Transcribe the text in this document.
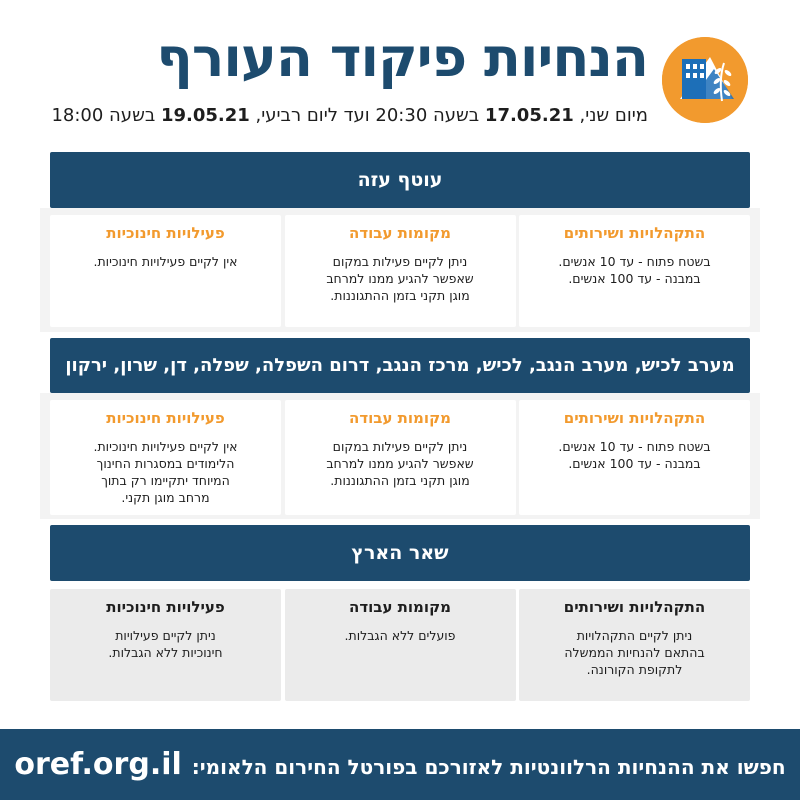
הנחיות פיקוד העורף
מיום שני, 17.05.21 בשעה 20:30 ועד ליום רביעי, 19.05.21 בשעה 18:00
עוטף עזה
התקהלויות ושירותים
בשטח פתוח - עד 10 אנשים.
במבנה - עד 100 אנשים.
מקומות עבודה
ניתן לקיים פעילות במקום
שאפשר להגיע ממנו למרחב
מוגן תקני בזמן ההתגוננות.
פעילויות חינוכיות
אין לקיים פעילויות חינוכיות.
מערב לכיש, מערב הנגב, לכיש, מרכז הנגב, דרום השפלה, שפלה, דן, שרון, ירקון
התקהלויות ושירותים
בשטח פתוח - עד 10 אנשים.
במבנה - עד 100 אנשים.
מקומות עבודה
ניתן לקיים פעילות במקום
שאפשר להגיע ממנו למרחב
מוגן תקני בזמן ההתגוננות.
פעילויות חינוכיות
אין לקיים פעילויות חינוכיות.
הלימודים במסגרות החינוך
המיוחד יתקיימו רק בתוך
מרחב מוגן תקני.
שאר הארץ
התקהלויות ושירותים
ניתן לקיים התקהלויות
בהתאם להנחיות הממשלה
לתקופת הקורונה.
מקומות עבודה
פועלים ללא הגבלות.
פעילויות חינוכיות
ניתן לקיים פעילויות
חינוכיות ללא הגבלות.
חפשו את ההנחיות הרלוונטיות לאזורכם בפורטל החירום הלאומי:
oref.org.il
